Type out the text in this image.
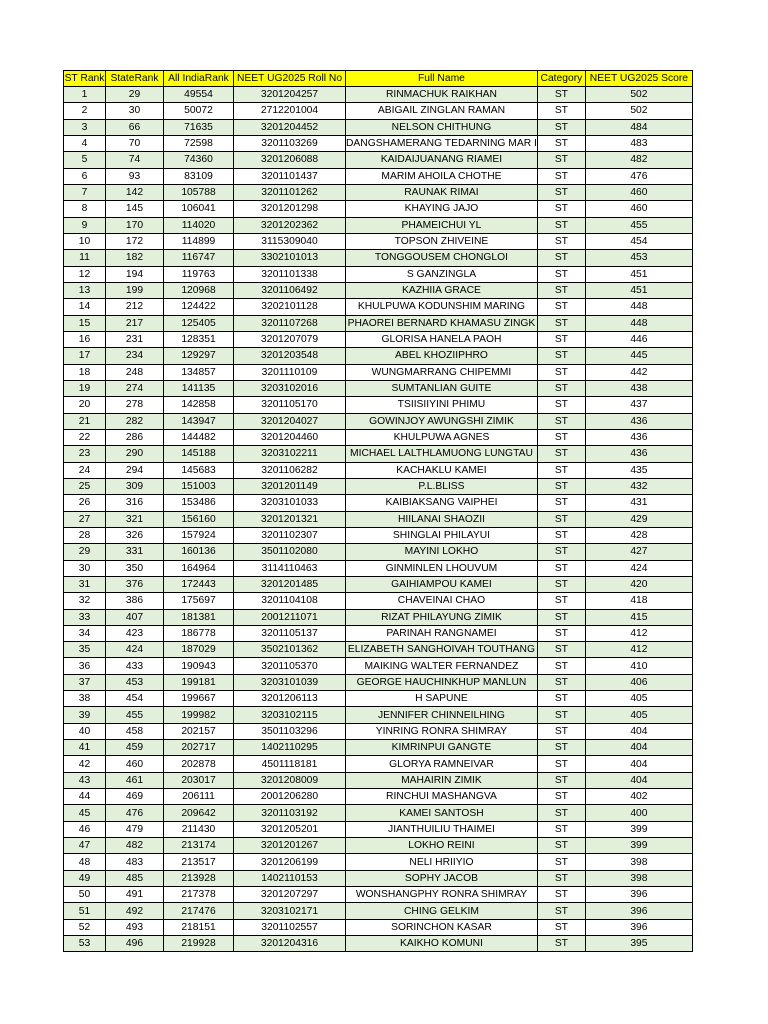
ST Rank	StateRank	All IndiaRank	NEET UG2025 Roll No	Full Name	Category	NEET UG2025 Score
1	29	49554	3201204257	RINMACHUK RAIKHAN	ST	502
2	30	50072	2712201004	ABIGAIL ZINGLAN RAMAN	ST	502
3	66	71635	3201204452	NELSON CHITHUNG	ST	484
4	70	72598	3201103269	DANGSHAMERANG TEDARNING MAR I	ST	483
5	74	74360	3201206088	KAIDAIJUANANG RIAMEI	ST	482
6	93	83109	3201101437	MARIM AHOILA CHOTHE	ST	476
7	142	105788	3201101262	RAUNAK RIMAI	ST	460
8	145	106041	3201201298	KHAYING JAJO	ST	460
9	170	114020	3201202362	PHAMEICHUI YL	ST	455
10	172	114899	3115309040	TOPSON ZHIVEINE	ST	454
11	182	116747	3302101013	TONGGOUSEM CHONGLOI	ST	453
12	194	119763	3201101338	S GANZINGLA	ST	451
13	199	120968	3201106492	KAZHIIA GRACE	ST	451
14	212	124422	3202101128	KHULPUWA KODUNSHIM MARING	ST	448
15	217	125405	3201107268	PHAOREI BERNARD KHAMASU ZINGK	ST	448
16	231	128351	3201207079	GLORISA HANELA PAOH	ST	446
17	234	129297	3201203548	ABEL KHOZIIPHRO	ST	445
18	248	134857	3201110109	WUNGMARRANG CHIPEMMI	ST	442
19	274	141135	3203102016	SUMTANLIAN GUITE	ST	438
20	278	142858	3201105170	TSIISIIYINI PHIMU	ST	437
21	282	143947	3201204027	GOWINJOY AWUNGSHI ZIMIK	ST	436
22	286	144482	3201204460	KHULPUWA AGNES	ST	436
23	290	145188	3203102211	MICHAEL LALTHLAMUONG LUNGTAU	ST	436
24	294	145683	3201106282	KACHAKLU KAMEI	ST	435
25	309	151003	3201201149	P.L.BLISS	ST	432
26	316	153486	3203101033	KAIBIAKSANG VAIPHEI	ST	431
27	321	156160	3201201321	HIILANAI SHAOZII	ST	429
28	326	157924	3201102307	SHINGLAI PHILAYUI	ST	428
29	331	160136	3501102080	MAYINI LOKHO	ST	427
30	350	164964	3114110463	GINMINLEN LHOUVUM	ST	424
31	376	172443	3201201485	GAIHIAMPOU KAMEI	ST	420
32	386	175697	3201104108	CHAVEINAI CHAO	ST	418
33	407	181381	2001211071	RIZAT PHILAYUNG ZIMIK	ST	415
34	423	186778	3201105137	PARINAH RANGNAMEI	ST	412
35	424	187029	3502101362	ELIZABETH SANGHOIVAH TOUTHANG	ST	412
36	433	190943	3201105370	MAIKING WALTER FERNANDEZ	ST	410
37	453	199181	3203101039	GEORGE HAUCHINKHUP MANLUN	ST	406
38	454	199667	3201206113	H SAPUNE	ST	405
39	455	199982	3203102115	JENNIFER CHINNEILHING	ST	405
40	458	202157	3501103296	YINRING RONRA SHIMRAY	ST	404
41	459	202717	1402110295	KIMRINPUI GANGTE	ST	404
42	460	202878	4501118181	GLORYA RAMNEIVAR	ST	404
43	461	203017	3201208009	MAHAIRIN ZIMIK	ST	404
44	469	206111	2001206280	RINCHUI MASHANGVA	ST	402
45	476	209642	3201103192	KAMEI SANTOSH	ST	400
46	479	211430	3201205201	JIANTHUILIU THAIMEI	ST	399
47	482	213174	3201201267	LOKHO REINI	ST	399
48	483	213517	3201206199	NELI HRIIYIO	ST	398
49	485	213928	1402110153	SOPHY JACOB	ST	398
50	491	217378	3201207297	WONSHANGPHY RONRA SHIMRAY	ST	396
51	492	217476	3203102171	CHING GELKIM	ST	396
52	493	218151	3201102557	SORINCHON KASAR	ST	396
53	496	219928	3201204316	KAIKHO KOMUNI	ST	395
